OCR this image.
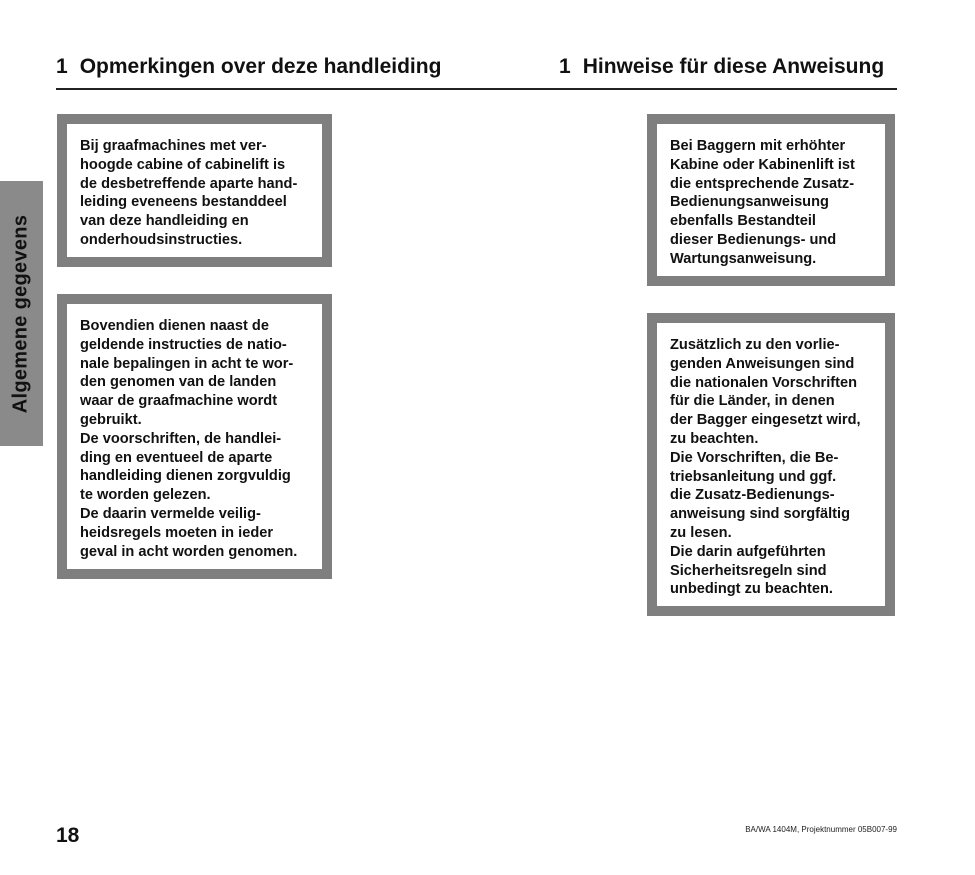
Algemene gegevens
1 Opmerkingen over deze handleiding	1 Hinweise für diese Anweisung

Bij graafmachines met ver-
hoogde cabine of cabinelift is
de desbetreffende aparte hand-
leiding eveneens bestanddeel
van deze handleiding en
onderhoudsinstructies.

Bovendien dienen naast de
geldende instructies de natio-
nale bepalingen in acht te wor-
den genomen van de landen
waar de graafmachine wordt
gebruikt.
De voorschriften, de handlei-
ding en eventueel de aparte
handleiding dienen zorgvuldig
te worden gelezen.
De daarin vermelde veilig-
heidsregels moeten in ieder
geval in acht worden genomen.

Bei Baggern mit erhöhter
Kabine oder Kabinenlift ist
die entsprechende Zusatz-
Bedienungsanweisung
ebenfalls Bestandteil
dieser Bedienungs- und
Wartungsanweisung.

Zusätzlich zu den vorlie-
genden Anweisungen sind
die nationalen Vorschriften
für die Länder, in denen
der Bagger eingesetzt wird,
zu beachten.
Die Vorschriften, die Be-
triebsanleitung und ggf.
die Zusatz-Bedienungs-
anweisung sind sorgfältig
zu lesen.
Die darin aufgeführten
Sicherheitsregeln sind
unbedingt zu beachten.

18	BA/WA 1404M, Projektnummer 05B007-99
